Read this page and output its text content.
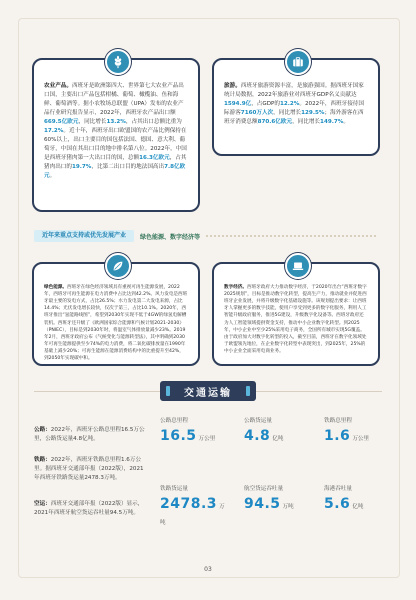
农业产品。西班牙是欧洲第四大、世界第七大农业产品出口国，主要出口产品包括柑橘、葡萄、橄榄油、鱼和海鲜、葡萄酒等。据小农牧场总联盟（UPA）发布的农业产品行业研究报告显示，2022年，西班牙农产品出口额669.5亿欧元，同比增长13.2%，占其出口总额比重为17.2%。近十年，西班牙出口欧盟国的农产品比例保持在60%以上，出口主要目的国包括法国、德国、意大利、葡萄牙，中国在其出口目的地中排名第八位。2022年，中国是西班牙猪肉第一大出口目的国，总额16.3亿欧元，占其猪肉出口的19.7%，比第二出口目的地法国高出7.8亿欧元。
旅游。西班牙旅游资源丰富，是旅游强国。据西班牙国家统计局数据，2022年旅游业对西班牙GDP名义贡献达1594.9亿，占GDP的12.2%。2022年，西班牙接待国际游客7160万人次，同比增长129.5%；海外游客在西班牙消费总额870.6亿欧元，同比增长149.7%。
近年来重点支持或优先发展产业	绿色能源、数字经济等
绿色能源。西班牙在绿色经济领域具有重视可再生能源发展，2022年，西班牙可再生能源在电力消费中占比达到42.2%。风力发电是西班牙最主要的发电方式，占比26.5%；水力发电第二大发电来源，占比14.4%；光伏发电增长较快，仅次于第三，占比10.1%。2020年，西班牙推出“氢能路线图”，希望到2030年实现不低于4GW的绿氢电解槽装机。西班牙还升级了《欧洲国家综合能源和气候计划2021-2030》（PNIEC），目标是到2030年时，将温室气体排放量减少23%。2019年2月，西班牙政府公布《气候变化与能源转型法》，其中明确到2030年可再生能源提供至少74%的电力消费，将二氧化碳排放量在1990年基础上减少20%；可再生能源在能源消费结构中的比重提升至42%，到2050年实现碳中和。
数字经济。西班牙政府大力推动数字经济，于2020年出台“西班牙数字2025规划”，目标是推动数字化转型，提高生产力，推动就业并促进西班牙企业发展，并将升级数字化基础设施等。该规划提出要求：让西班牙人掌握更多的数字技能，使用户享受到更多的数字化服务，利用人工智能升级政府服务，推进5G建设，升级数字化设备等。西班牙政府还为人工智能领域提供资金支持，推动中小企业数字化转型。到2025年，中小企业中至少25%采用电子商务，全国所有城市实现5G覆盖。由于政府加大对数字化转型的投入，截至目前，西班牙在数字化领域处于欧盟领先地位，在企业数字化转型中表现突出，到2025年，25%的中小企业全面采用电商业务。
交通运输
公路：2022年，西班牙公路总里程16.5万公里，公路货运量4.8亿吨。
铁路：2022年，西班牙铁路总里程1.6万公里。据西班牙交通部年报（2022版），2021年西班牙铁路货运量2478.3万吨。
空运：西班牙交通部年报（2022版）显示，2021年西班牙航空货运吞吐量94.5万吨。
公路总里程
16.5 万公里
公路货运量
4.8 亿吨
铁路总里程
1.6 万公里
铁路货运量
2478.3 万吨
航空货运吞吐量
94.5 万吨
海港吞吐量
5.6 亿吨
03
